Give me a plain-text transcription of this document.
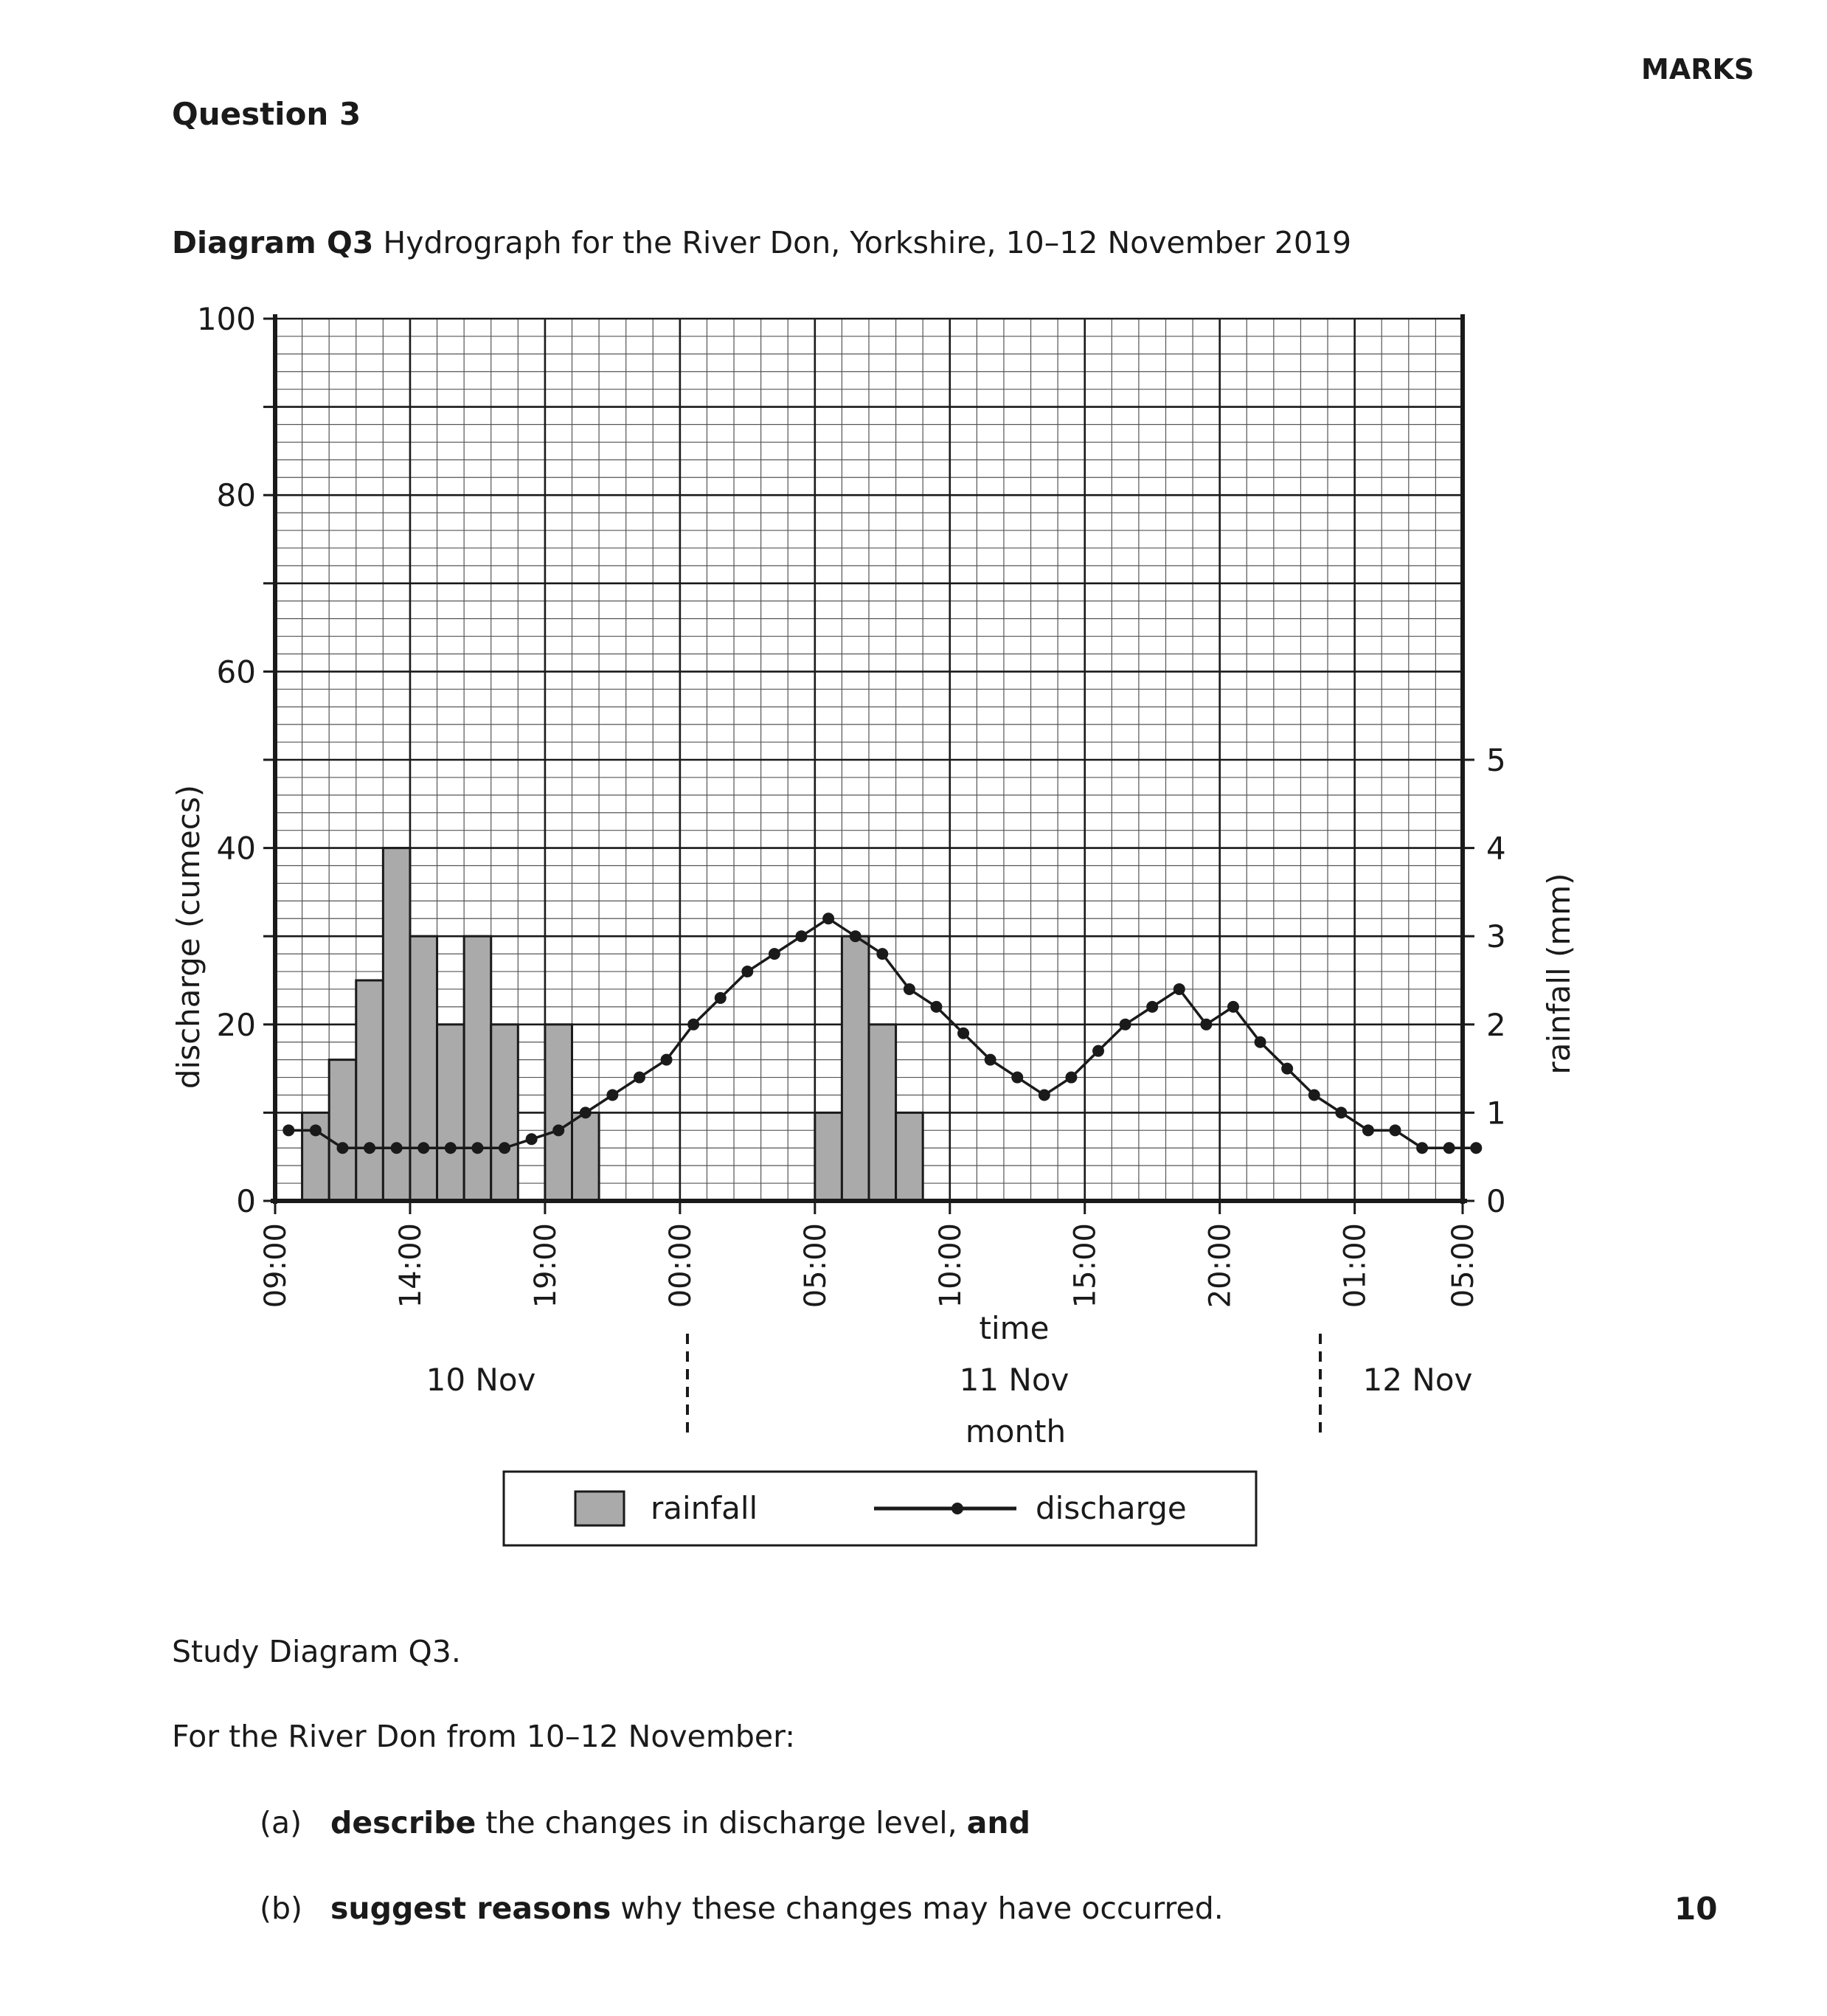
MARKS
Question 3
Diagram Q3 Hydrograph for the River Don, Yorkshire, 10–12 November 2019
0
20
40
60
80
100
0
1
2
3
4
5
09:00	14:00	19:00	00:00	05:00	10:00	15:00	20:00	01:00	05:00
discharge (cumecs)	rainfall (mm)
time
10 Nov	11 Nov	12 Nov
month
rainfall	discharge
Study Diagram Q3.
For the River Don from 10–12 November:
(a) describe the changes in discharge level, and
(b) suggest reasons why these changes may have occurred.	10
